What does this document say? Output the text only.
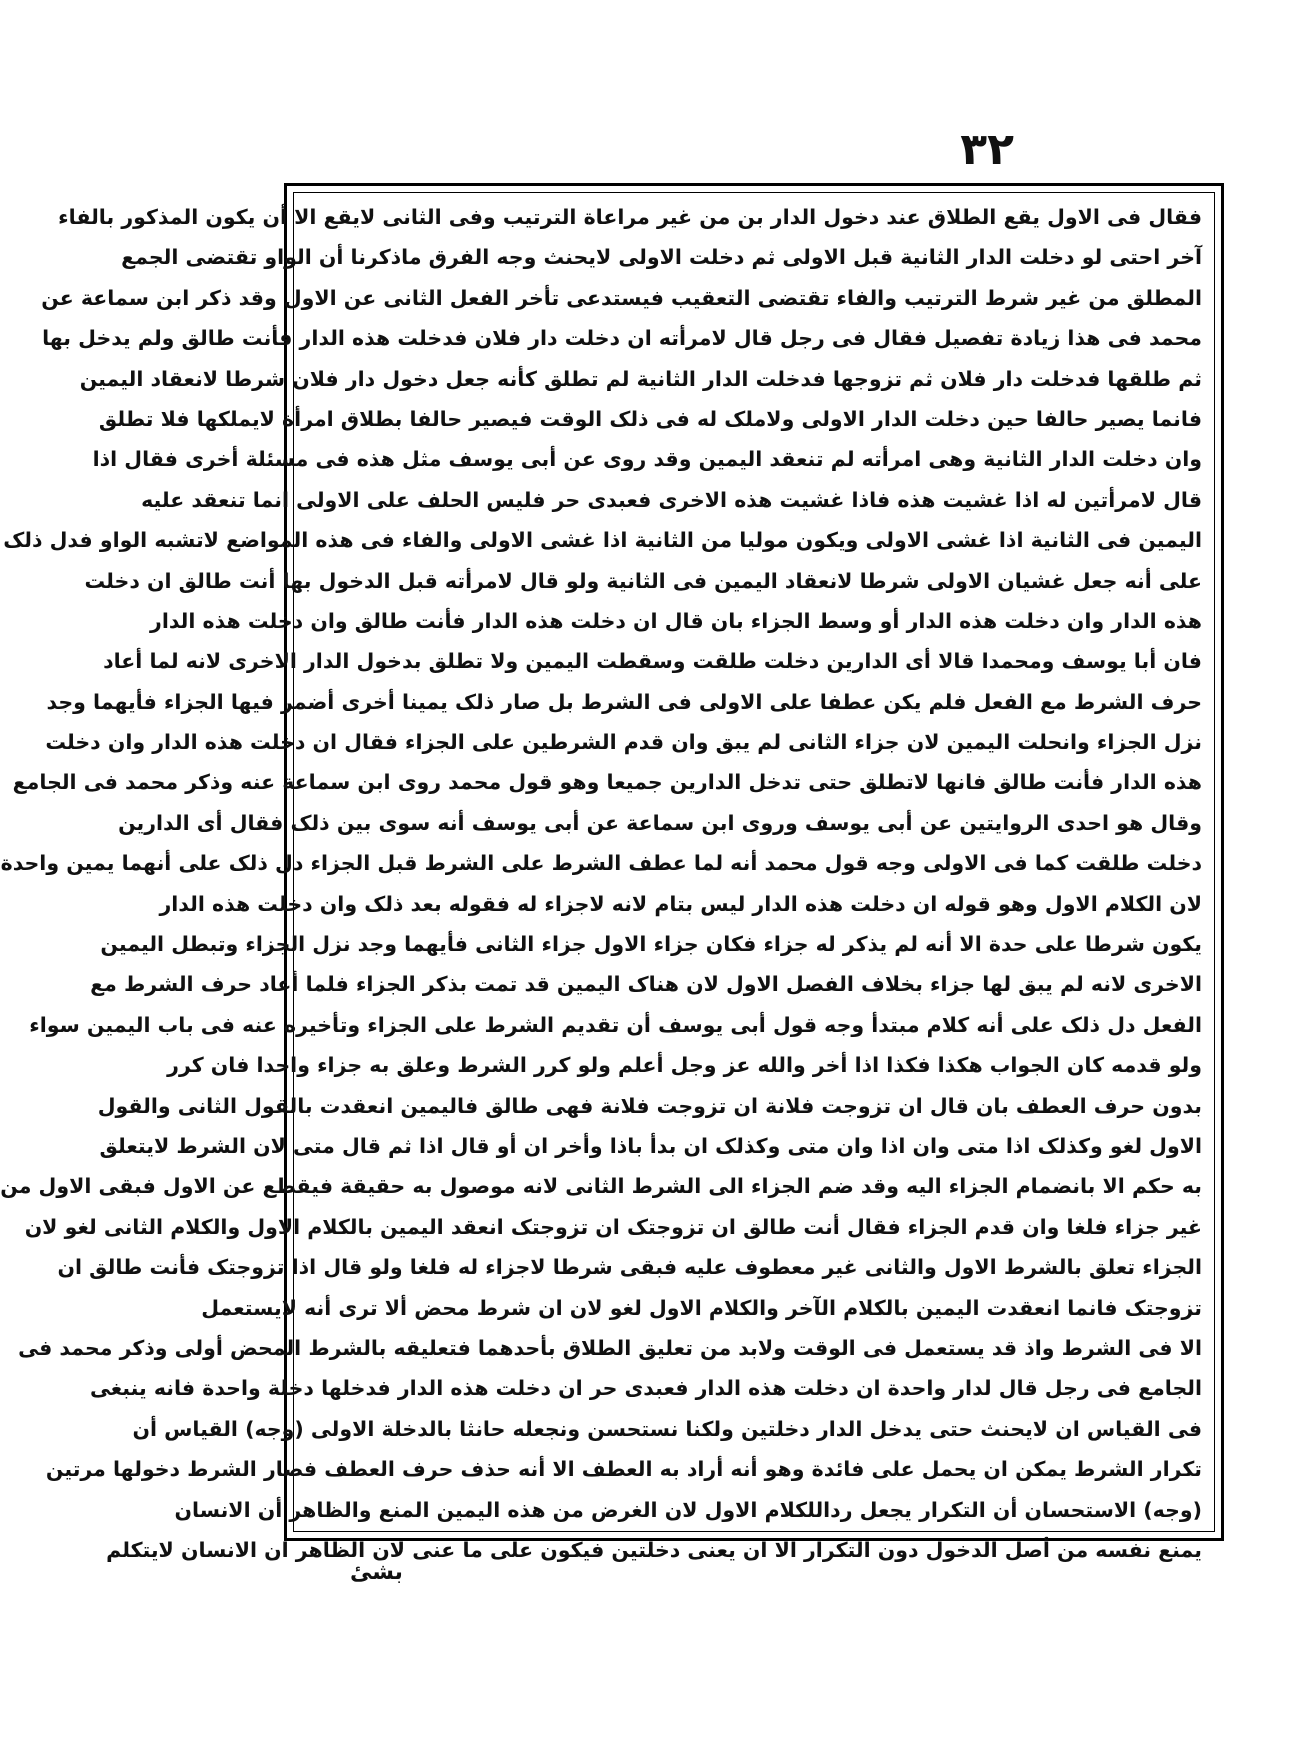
۳۲
فقال فی الاول یقع الطلاق عند دخول الدار بن من غیر مراعاة الترتیب وفی الثانی لایقع الا أن یکون المذکور بالفاء
آخر احتی لو دخلت الدار الثانیة قبل الاولی ثم دخلت الاولی لایحنث وجه الفرق ماذکرنا أن الواو تقتضی الجمع
المطلق من غیر شرط الترتیب والفاء تقتضی التعقیب فیستدعی تأخر الفعل الثانی عن الاول وقد ذکر ابن سماعة عن
محمد فی هذا زیادة تفصیل فقال فی رجل قال لامرأته ان دخلت دار فلان فدخلت هذه الدار فأنت طالق ولم یدخل بها
ثم طلقها فدخلت دار فلان ثم تزوجها فدخلت الدار الثانیة لم تطلق کأنه جعل دخول دار فلان شرطا لانعقاد الیمین
فانما یصیر حالفا حین دخلت الدار الاولی ولاملک له فی ذلک الوقت فیصیر حالفا بطلاق امرأة لایملکها فلا تطلق
وان دخلت الدار الثانیة وهی امرأته لم تنعقد الیمین وقد روی عن أبی یوسف مثل هذه فی مسئلة أخری فقال اذا
قال لامرأتین له اذا غشیت هذه فاذا غشیت هذه الاخری فعبدی حر فلیس الحلف علی الاولی انما تنعقد علیه
الیمین فی الثانیة اذا غشی الاولی ویکون مولیا من الثانیة اذا غشی الاولی والفاء فی هذه المواضع لاتشبه الواو فدل ذلک
علی أنه جعل غشیان الاولی شرطا لانعقاد الیمین فی الثانیة ولو قال لامرأته قبل الدخول بها أنت طالق ان دخلت
هذه الدار وان دخلت هذه الدار أو وسط الجزاء بان قال ان دخلت هذه الدار فأنت طالق وان دخلت هذه الدار
فان أبا یوسف ومحمدا قالا أی الدارین دخلت طلقت وسقطت الیمین ولا تطلق بدخول الدار الاخری لانه لما أعاد
حرف الشرط مع الفعل فلم یکن عطفا علی الاولی فی الشرط بل صار ذلک یمینا أخری أضمر فیها الجزاء فأیهما وجد
نزل الجزاء وانحلت الیمین لان جزاء الثانی لم یبق وان قدم الشرطین علی الجزاء فقال ان دخلت هذه الدار وان دخلت
هذه الدار فأنت طالق فانها لاتطلق حتی تدخل الدارین جمیعا وهو قول محمد روی ابن سماعة عنه وذکر محمد فی الجامع
وقال هو احدی الروایتین عن أبی یوسف وروی ابن سماعة عن أبی یوسف أنه سوی بین ذلک فقال أی الدارین
دخلت طلقت کما فی الاولی وجه قول محمد أنه لما عطف الشرط علی الشرط قبل الجزاء دل ذلک علی أنهما یمین واحدة
لان الکلام الاول وهو قوله ان دخلت هذه الدار لیس بتام لانه لاجزاء له فقوله بعد ذلک وان دخلت هذه الدار
یکون شرطا علی حدة الا أنه لم یذکر له جزاء فکان جزاء الاول جزاء الثانی فأیهما وجد نزل الجزاء وتبطل الیمین
الاخری لانه لم یبق لها جزاء بخلاف الفصل الاول لان هناک الیمین قد تمت بذکر الجزاء فلما أعاد حرف الشرط مع
الفعل دل ذلک علی أنه کلام مبتدأ وجه قول أبی یوسف أن تقدیم الشرط علی الجزاء وتأخیره عنه فی باب الیمین سواء
ولو قدمه کان الجواب هکذا فکذا اذا أخر والله عز وجل أعلم ولو کرر الشرط وعلق به جزاء واحدا فان کرر
بدون حرف العطف بان قال ان تزوجت فلانة ان تزوجت فلانة فهی طالق فالیمین انعقدت بالقول الثانی والقول
الاول لغو وکذلک اذا متی وان اذا وان متی وکذلک ان بدأ باذا وأخر ان أو قال اذا ثم قال متی لان الشرط لایتعلق
به حکم الا بانضمام الجزاء الیه وقد ضم الجزاء الی الشرط الثانی لانه موصول به حقیقة فیقطع عن الاول فبقی الاول من
غیر جزاء فلغا وان قدم الجزاء فقال أنت طالق ان تزوجتک ان تزوجتک انعقد الیمین بالکلام الاول والکلام الثانی لغو لان
الجزاء تعلق بالشرط الاول والثانی غیر معطوف علیه فبقی شرطا لاجزاء له فلغا ولو قال اذا تزوجتک فأنت طالق ان
تزوجتک فانما انعقدت الیمین بالکلام الآخر والکلام الاول لغو لان ان شرط محض ألا تری أنه لایستعمل
الا فی الشرط واذ قد یستعمل فی الوقت ولابد من تعلیق الطلاق بأحدهما فتعلیقه بالشرط المحض أولی وذکر محمد فی
الجامع فی رجل قال لدار واحدة ان دخلت هذه الدار فعبدی حر ان دخلت هذه الدار فدخلها دخلة واحدة فانه ینبغی
فی القیاس ان لایحنث حتی یدخل الدار دخلتین ولکنا نستحسن ونجعله حانثا بالدخلة الاولی (وجه) القیاس أن
تکرار الشرط یمکن ان یحمل علی فائدة وهو أنه أراد به العطف الا أنه حذف حرف العطف فصار الشرط دخولها مرتین
(وجه) الاستحسان أن التکرار یجعل رداللکلام الاول لان الغرض من هذه الیمین المنع والظاهر أن الانسان
یمنع نفسه من أصل الدخول دون التکرار الا ان یعنی دخلتین فیکون علی ما عنی لان الظاهر ان الانسان لایتکلم
بشیٔ
